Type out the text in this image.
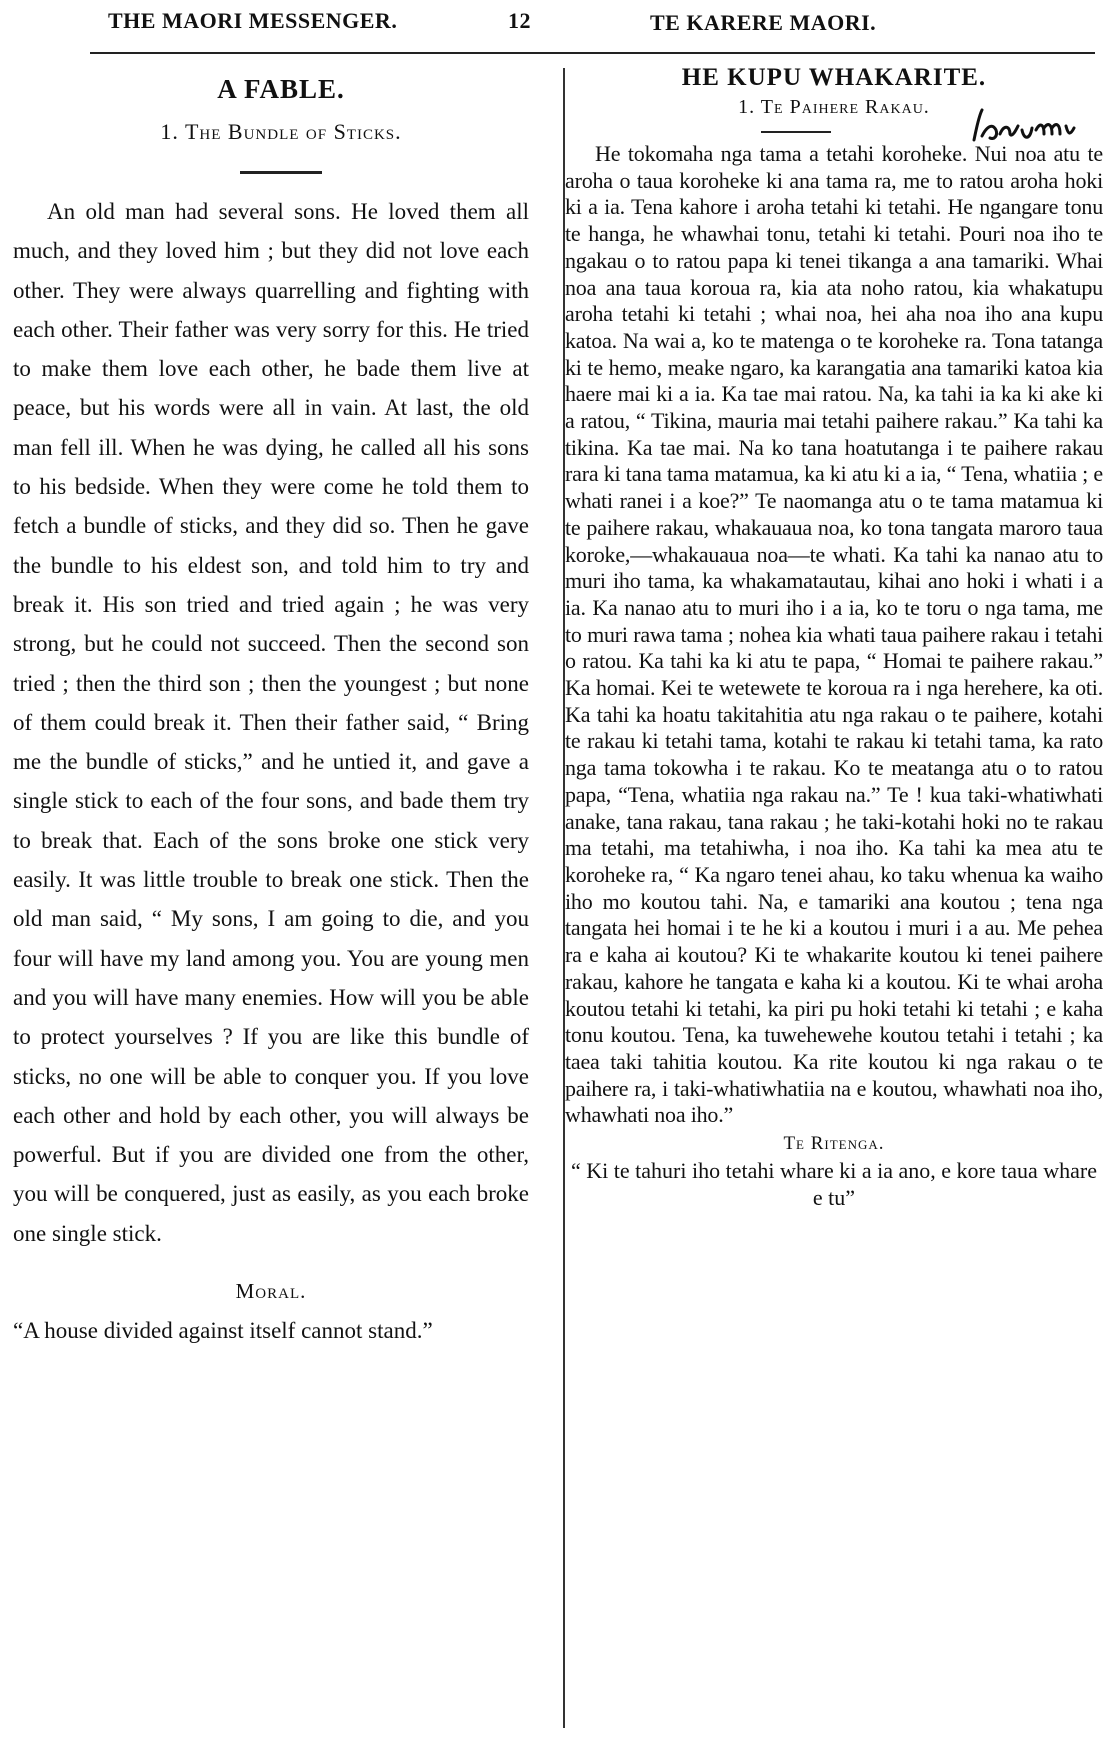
THE MAORI MESSENGER.	12	TE KARERE MAORI.
A FABLE.
1. The Bundle of Sticks.

An old man had several sons. He loved them all much, and they loved him ; but they did not love each other. They were always quarrelling and fighting with each other. Their father was very sorry for this. He tried to make them love each other, he bade them live at peace, but his words were all in vain. At last, the old man fell ill. When he was dying, he called all his sons to his bedside. When they were come he told them to fetch a bundle of sticks, and they did so. Then he gave the bundle to his eldest son, and told him to try and break it. His son tried and tried again ; he was very strong, but he could not succeed. Then the second son tried ; then the third son ; then the youngest ; but none of them could break it. Then their father said, “ Bring me the bundle of sticks,” and he untied it, and gave a single stick to each of the four sons, and bade them try to break that. Each of the sons broke one stick very easily. It was little trouble to break one stick. Then the old man said, “ My sons, I am going to die, and you four will have my land among you. You are young men and you will have many enemies. How will you be able to protect yourselves ? If you are like this bundle of sticks, no one will be able to conquer you. If you love each other and hold by each other, you will always be powerful. But if you are divided one from the other, you will be conquered, just as easily, as you each broke one single stick.

Moral.

“A house divided against itself cannot stand.”

HE KUPU WHAKARITE.
1. Te Paihere Rakau.

He tokomaha nga tama a tetahi koroheke. Nui noa atu te aroha o taua koroheke ki ana tama ra, me to ratou aroha hoki ki a ia. Tena kahore i aroha tetahi ki tetahi. He ngangare tonu te hanga, he whawhai tonu, tetahi ki tetahi. Pouri noa iho te ngakau o to ratou papa ki tenei tikanga a ana tamariki. Whai noa ana taua koroua ra, kia ata noho ratou, kia whakatupu aroha tetahi ki tetahi ; whai noa, hei aha noa iho ana kupu katoa. Na wai a, ko te matenga o te koroheke ra. Tona tatanga ki te hemo, meake ngaro, ka karangatia ana tamariki katoa kia haere mai ki a ia. Ka tae mai ratou. Na, ka tahi ia ka ki ake ki a ratou, “ Tikina, mauria mai tetahi paihere rakau.” Ka tahi ka tikina. Ka tae mai. Na ko tana hoatutanga i te paihere rakau rara ki tana tama matamua, ka ki atu ki a ia, “ Tena, whatiia ; e whati ranei i a koe?” Te naomanga atu o te tama matamua ki te paihere rakau, whakauaua noa, ko tona tangata maroro taua koroke,—whakauaua noa—te whati. Ka tahi ka nanao atu to muri iho tama, ka whakamatautau, kihai ano hoki i whati i a ia. Ka nanao atu to muri iho i a ia, ko te toru o nga tama, me to muri rawa tama ; nohea kia whati taua paihere rakau i tetahi o ratou. Ka tahi ka ki atu te papa, “ Homai te paihere rakau.” Ka homai. Kei te wetewete te koroua ra i nga herehere, ka oti. Ka tahi ka hoatu takitahitia atu nga rakau o te paihere, kotahi te rakau ki tetahi tama, kotahi te rakau ki tetahi tama, ka rato nga tama tokowha i te rakau. Ko te meatanga atu o to ratou papa, “Tena, whatiia nga rakau na.” Te ! kua taki-whatiwhati anake, tana rakau, tana rakau ; he taki-kotahi hoki no te rakau ma tetahi, ma tetahiwha, i noa iho. Ka tahi ka mea atu te koroheke ra, “ Ka ngaro tenei ahau, ko taku whenua ka waiho iho mo koutou tahi. Na, e tamariki ana koutou ; tena nga tangata hei homai i te he ki a koutou i muri i a au. Me pehea ra e kaha ai koutou? Ki te whakarite koutou ki tenei paihere rakau, kahore he tangata e kaha ki a koutou. Ki te whai aroha koutou tetahi ki tetahi, ka piri pu hoki tetahi ki tetahi ; e kaha tonu koutou. Tena, ka tuwehewehe koutou tetahi i tetahi ; ka taea taki tahitia koutou. Ka rite koutou ki nga rakau o te paihere ra, i taki-whatiwhatiia na e koutou, whawhati noa iho, whawhati noa iho.”

Te Ritenga.

“ Ki te tahuri iho tetahi whare ki a ia ano, e kore taua whare e tu”
